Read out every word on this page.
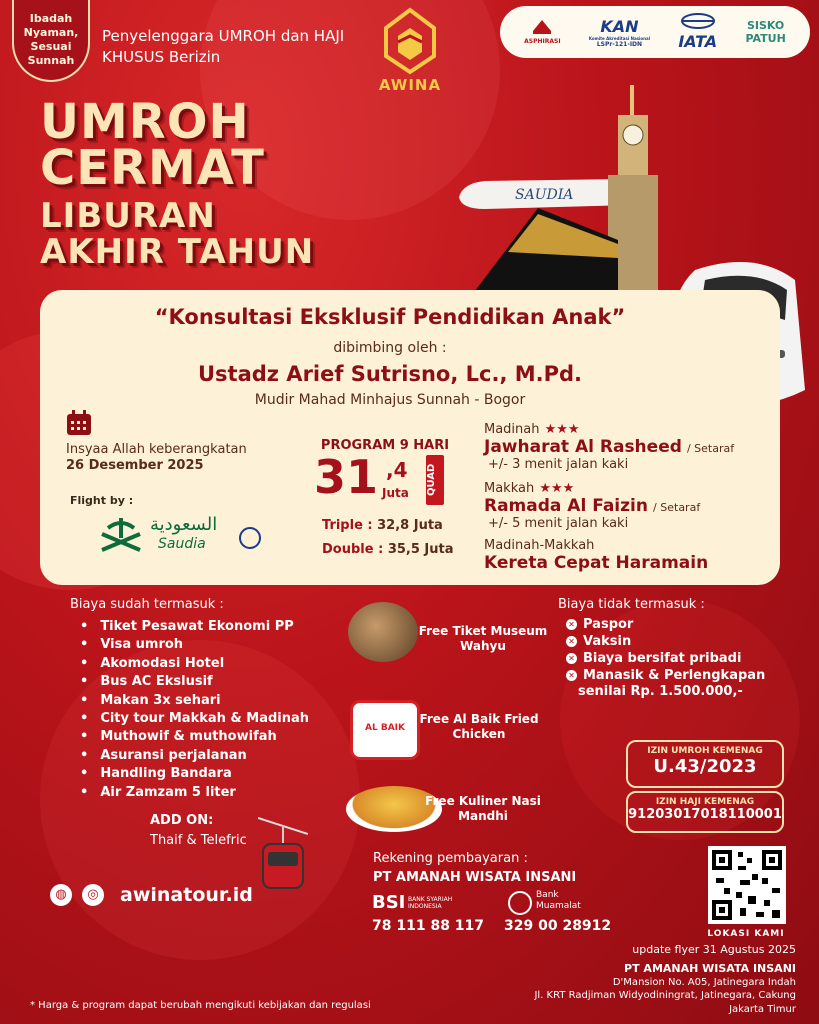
Ibadah Nyaman, Sesuai Sunnah
Penyelenggara UMROH dan HAJI KHUSUS Berizin
AWINA
ASPHIRASI
KAN
Komite Akreditasi Nasional
LSPr-121-IDN	IATA
SISKO
PATUH
UMROH
CERMAT
LIBURAN
AKHIR TAHUN
SAUDIA
“Konsultasi Eksklusif Pendidikan Anak”
dibimbing oleh :
Ustadz Arief Sutrisno, Lc., M.Pd.
Mudir Mahad Minhajus Sunnah - Bogor
Insyaa Allah keberangkatan
26 Desember 2025
Flight by :
السعودية
Saudia
PROGRAM 9 HARI
31 ,4
Juta QUAD
Triple : 32,8 Juta
Double : 35,5 Juta
Madinah ★★★
Jawharat Al Rasheed / Setaraf
+/- 3 menit jalan kaki
Makkah ★★★
Ramada Al Faizin / Setaraf
+/- 5 menit jalan kaki
Madinah-Makkah
Kereta Cepat Haramain
Biaya sudah termasuk :
• Tiket Pesawat Ekonomi PP
• Visa umroh
• Akomodasi Hotel
• Bus AC Ekslusif
• Makan 3x sehari
• City tour Makkah & Madinah
• Muthowif & muthowifah
• Asuransi perjalanan
• Handling Bandara
• Air Zamzam 5 liter
ADD ON:
Thaif & Telefric
Free Tiket Museum Wahyu
AL BAIK
Free Al Baik Fried Chicken
Free Kuliner Nasi Mandhi
Biaya tidak termasuk :
✕ Paspor
✕ Vaksin
✕ Biaya bersifat pribadi
✕ Manasik & Perlengkapan
senilai Rp. 1.500.000,-
IZIN UMROH KEMENAG
U.43/2023
IZIN HAJI KEMENAG
91203017018110001
Rekening pembayaran :
PT AMANAH WISATA INSANI
BSI BANK SYARIAH INDONESIA
78 111 88 117
Bank Muamalat
329 00 28912
◍	◎ awinatour.id
LOKASI KAMI
update flyer 31 Agustus 2025
PT AMANAH WISATA INSANI
D'Mansion No. A05, Jatinegara Indah
Jl. KRT Radjiman Widyodiningrat, Jatinegara, Cakung
Jakarta Timur
* Harga & program dapat berubah mengikuti kebijakan dan regulasi
